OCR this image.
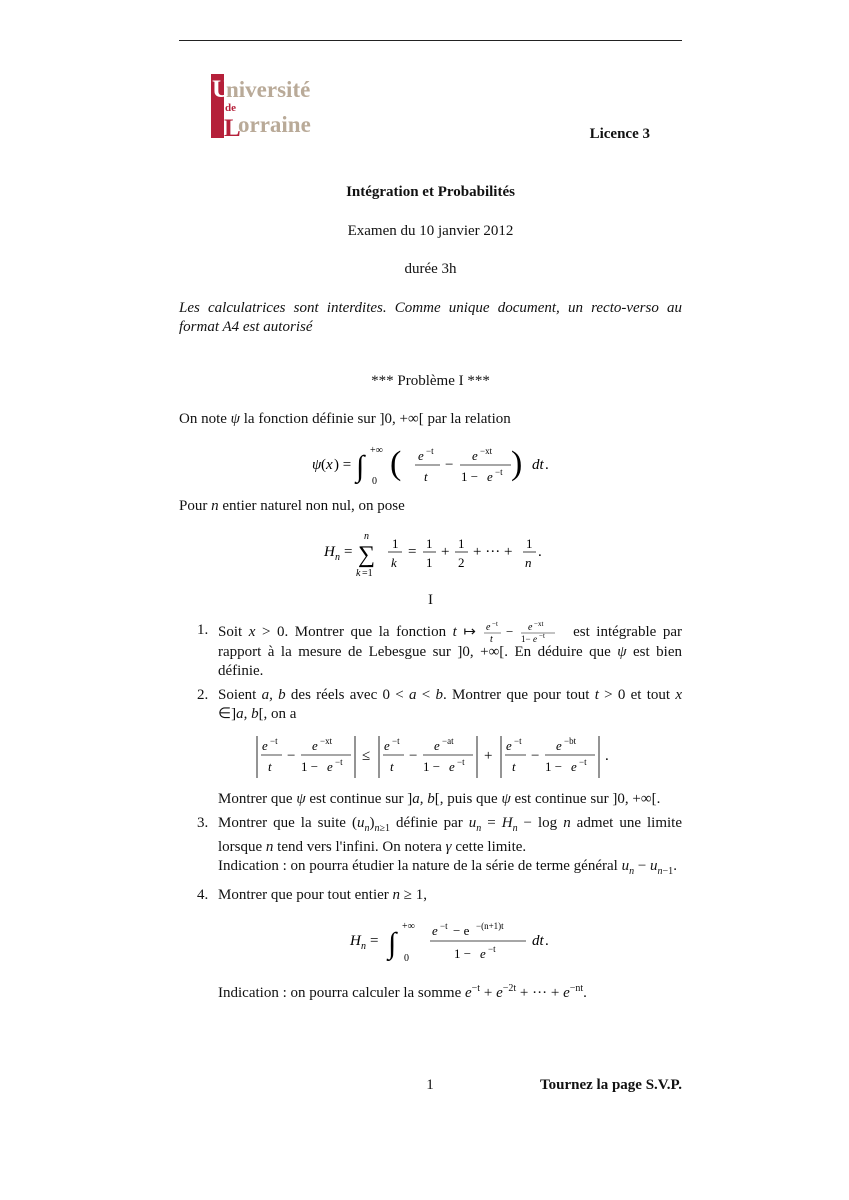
U
niversité
de
L
orraine	Licence 3
Intégration et Probabilités
Examen du 10 janvier 2012
durée 3h
Les calculatrices sont interdites. Comme unique document, un recto-verso au format A4 est autorisé
*** Problème I ***
On note ψ la fonction définie sur ]0, +∞[ par la relation
ψ ( x ) = ∫ +∞
0 ( e −t
t
−
e −xt
1 − e −t ) dt .
Pour n entier naturel non nul, on pose
H n =
n
∑
k =1
1
k
=
1
1
+
1
2
+ ··· +
1
n
.
I
1. Soit x > 0. Montrer que la fonction t ↦ e −t
t
− e −xt
1− e −t est intégrable par rapport à la mesure de Lebesgue sur ]0, +∞[. En déduire que ψ est bien définie.
2. Soient a, b des réels avec 0 < a < b. Montrer que pour tout t > 0 et tout x ∈]a, b[, on a
e −t
t
−
e −xt
1 − e −t ≤
e −t
t
−
e −at
1 − e −t +
e −t
t
−
e −bt
1 − e −t .
Montrer que ψ est continue sur ]a, b[, puis que ψ est continue sur ]0, +∞[.
3. Montrer que la suite $(u_n)_{n\ge 1}$ définie par $u_n = H_n - \log n$ admet une limite lorsque n tend vers l'infini. On notera γ cette limite.
Indication : on pourra étudier la nature de la série de terme général $u_n - u_{n-1}$.
4. Montrer que pour tout entier n ≥ 1,
H n = ∫
+∞
0
e −t − e −(n+1)t
1 − e −t dt .
Indication : on pourra calculer la somme $e^{-t} + e^{-2t}$ + ··· + $e^{-nt}$.
1	Tournez la page S.V.P.
